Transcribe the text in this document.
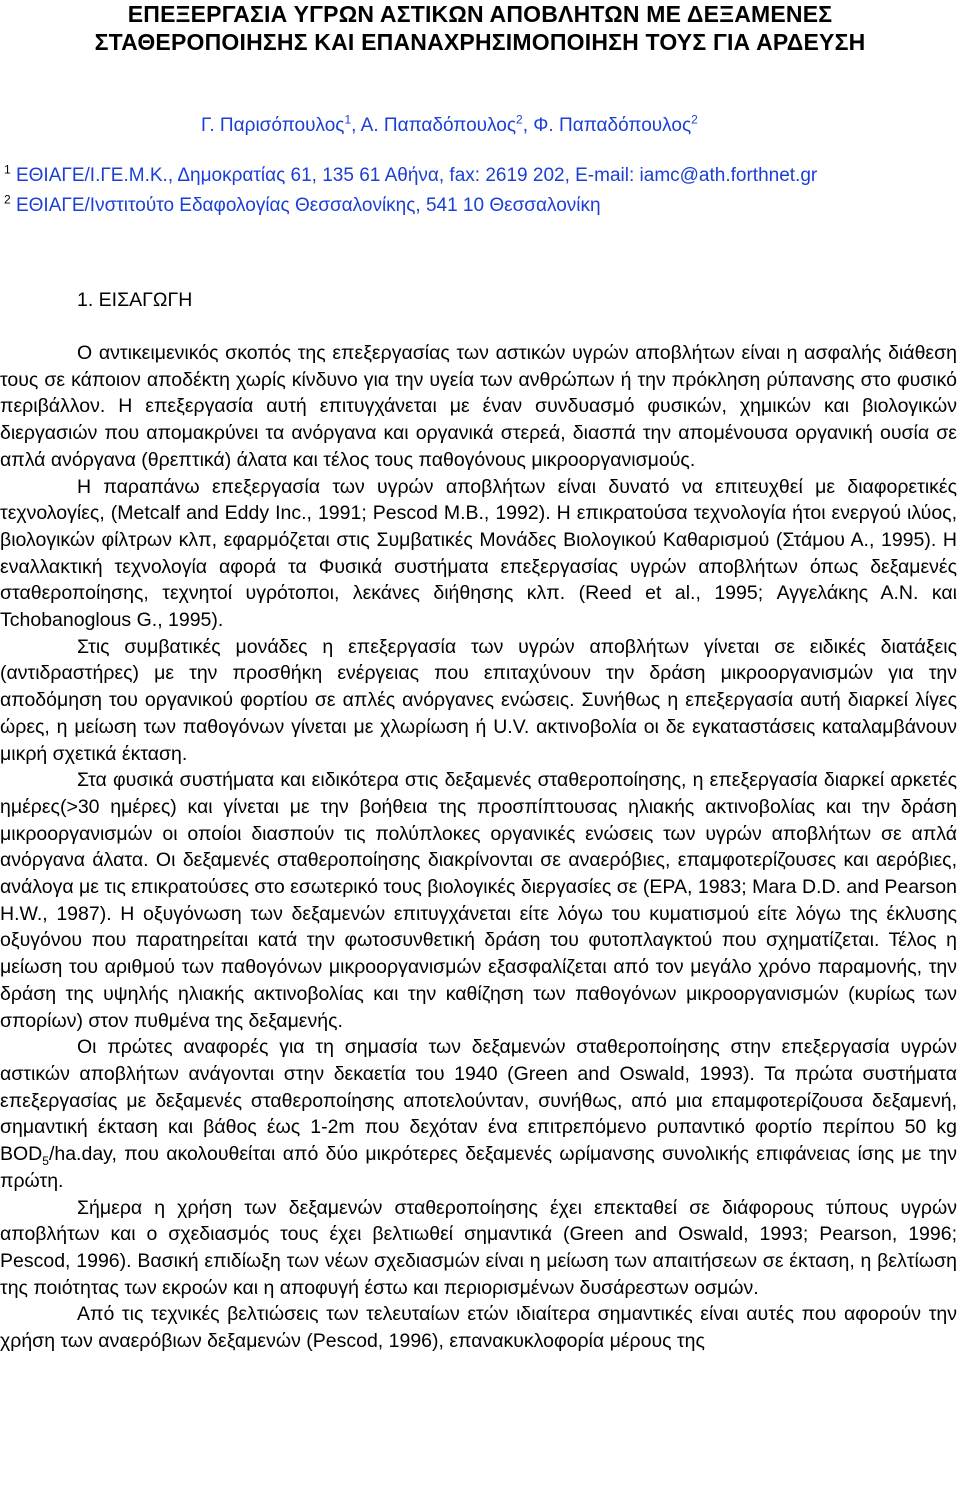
ΕΠΕΞΕΡΓΑΣΙΑ ΥΓΡΩΝ ΑΣΤΙΚΩΝ ΑΠΟΒΛΗΤΩΝ ΜΕ ΔΕΞΑΜΕΝΕΣ
ΣΤΑΘΕΡΟΠΟΙΗΣΗΣ ΚΑΙ ΕΠΑΝΑΧΡΗΣΙΜΟΠΟΙΗΣΗ ΤΟΥΣ ΓΙΑ ΑΡΔΕΥΣΗ
Γ. Παρισόπουλος$^1$, Α. Παπαδόπουλος$^2$, Φ. Παπαδόπουλος$^2$
$^1$ ΕΘΙΑΓΕ/Ι.ΓΕ.Μ.Κ., Δημοκρατίας 61, 135 61 Αθήνα, fax: 2619 202, E-mail: iamc@ath.forthnet.gr
$^2$ ΕΘΙΑΓΕ/Ινστιτούτο Εδαφολογίας Θεσσαλονίκης, 541 10 Θεσσαλονίκη
1. ΕΙΣΑΓΩΓΗ

Ο αντικειμενικός σκοπός της επεξεργασίας των αστικών υγρών αποβλήτων είναι η ασφαλής διάθεση τους σε κάποιον αποδέκτη χωρίς κίνδυνο για την υγεία των ανθρώπων ή την πρόκληση ρύπανσης στο φυσικό περιβάλλον. Η επεξεργασία αυτή επιτυγχάνεται με έναν συνδυασμό φυσικών, χημικών και βιολογικών διεργασιών που απομακρύνει τα ανόργανα και οργανικά στερεά, διασπά την απομένουσα οργανική ουσία σε απλά ανόργανα (θρεπτικά) άλατα και τέλος τους παθογόνους μικροοργανισμούς.

Η παραπάνω επεξεργασία των υγρών αποβλήτων είναι δυνατό να επιτευχθεί με διαφορετικές τεχνολογίες, (Metcalf and Eddy Inc., 1991; Pescod M.B., 1992). Η επικρατούσα τεχνολογία ήτοι ενεργού ιλύος, βιολογικών φίλτρων κλπ, εφαρμόζεται στις Συμβατικές Μονάδες Βιολογικού Καθαρισμού (Στάμου Α., 1995). Η εναλλακτική τεχνολογία αφορά τα Φυσικά συστήματα επεξεργασίας υγρών αποβλήτων όπως δεξαμενές σταθεροποίησης, τεχνητοί υγρότοποι, λεκάνες διήθησης κλπ. (Reed et al., 1995; Αγγελάκης Α.Ν. και Tchobanoglous G., 1995).

Στις συμβατικές μονάδες η επεξεργασία των υγρών αποβλήτων γίνεται σε ειδικές διατάξεις (αντιδραστήρες) με την προσθήκη ενέργειας που επιταχύνουν την δράση μικροοργανισμών για την αποδόμηση του οργανικού φορτίου σε απλές ανόργανες ενώσεις. Συνήθως η επεξεργασία αυτή διαρκεί λίγες ώρες, η μείωση των παθογόνων γίνεται με χλωρίωση ή U.V. ακτινοβολία οι δε εγκαταστάσεις καταλαμβάνουν μικρή σχετικά έκταση.

Στα φυσικά συστήματα και ειδικότερα στις δεξαμενές σταθεροποίησης, η επεξεργασία διαρκεί αρκετές ημέρες(>30 ημέρες) και γίνεται με την βοήθεια της προσπίπτουσας ηλιακής ακτινοβολίας και την δράση μικροοργανισμών οι οποίοι διασπούν τις πολύπλοκες οργανικές ενώσεις των υγρών αποβλήτων σε απλά ανόργανα άλατα. Οι δεξαμενές σταθεροποίησης διακρίνονται σε αναερόβιες, επαμφοτερίζουσες και αερόβιες, ανάλογα με τις επικρατούσες στο εσωτερικό τους βιολογικές διεργασίες σε (EPA, 1983; Mara D.D. and Pearson H.W., 1987). Η οξυγόνωση των δεξαμενών επιτυγχάνεται είτε λόγω του κυματισμού είτε λόγω της έκλυσης οξυγόνου που παρατηρείται κατά την φωτοσυνθετική δράση του φυτοπλαγκτού που σχηματίζεται. Τέλος η μείωση του αριθμού των παθογόνων μικροοργανισμών εξασφαλίζεται από τον μεγάλο χρόνο παραμονής, την δράση της υψηλής ηλιακής ακτινοβολίας και την καθίζηση των παθογόνων μικροοργανισμών (κυρίως των σπορίων) στον πυθμένα της δεξαμενής.

Οι πρώτες αναφορές για τη σημασία των δεξαμενών σταθεροποίησης στην επεξεργασία υγρών αστικών αποβλήτων ανάγονται στην δεκαετία του 1940 (Green and Oswald, 1993). Τα πρώτα συστήματα επεξεργασίας με δεξαμενές σταθεροποίησης αποτελούνταν, συνήθως, από μια επαμφοτερίζουσα δεξαμενή, σημαντική έκταση και βάθος έως 1-2m που δεχόταν ένα επιτρεπόμενο ρυπαντικό φορτίο περίπου 50 kg $BOD_5/ha.day$, που ακολουθείται από δύο μικρότερες δεξαμενές ωρίμανσης συνολικής επιφάνειας ίσης με την πρώτη.

Σήμερα η χρήση των δεξαμενών σταθεροποίησης έχει επεκταθεί σε διάφορους τύπους υγρών αποβλήτων και ο σχεδιασμός τους έχει βελτιωθεί σημαντικά (Green and Oswald, 1993; Pearson, 1996; Pescod, 1996). Βασική επιδίωξη των νέων σχεδιασμών είναι η μείωση των απαιτήσεων σε έκταση, η βελτίωση της ποιότητας των εκροών και η αποφυγή έστω και περιορισμένων δυσάρεστων οσμών.

Από τις τεχνικές βελτιώσεις των τελευταίων ετών ιδιαίτερα σημαντικές είναι αυτές που αφορούν την χρήση των αναερόβιων δεξαμενών (Pescod, 1996), επανακυκλοφορία μέρους της
